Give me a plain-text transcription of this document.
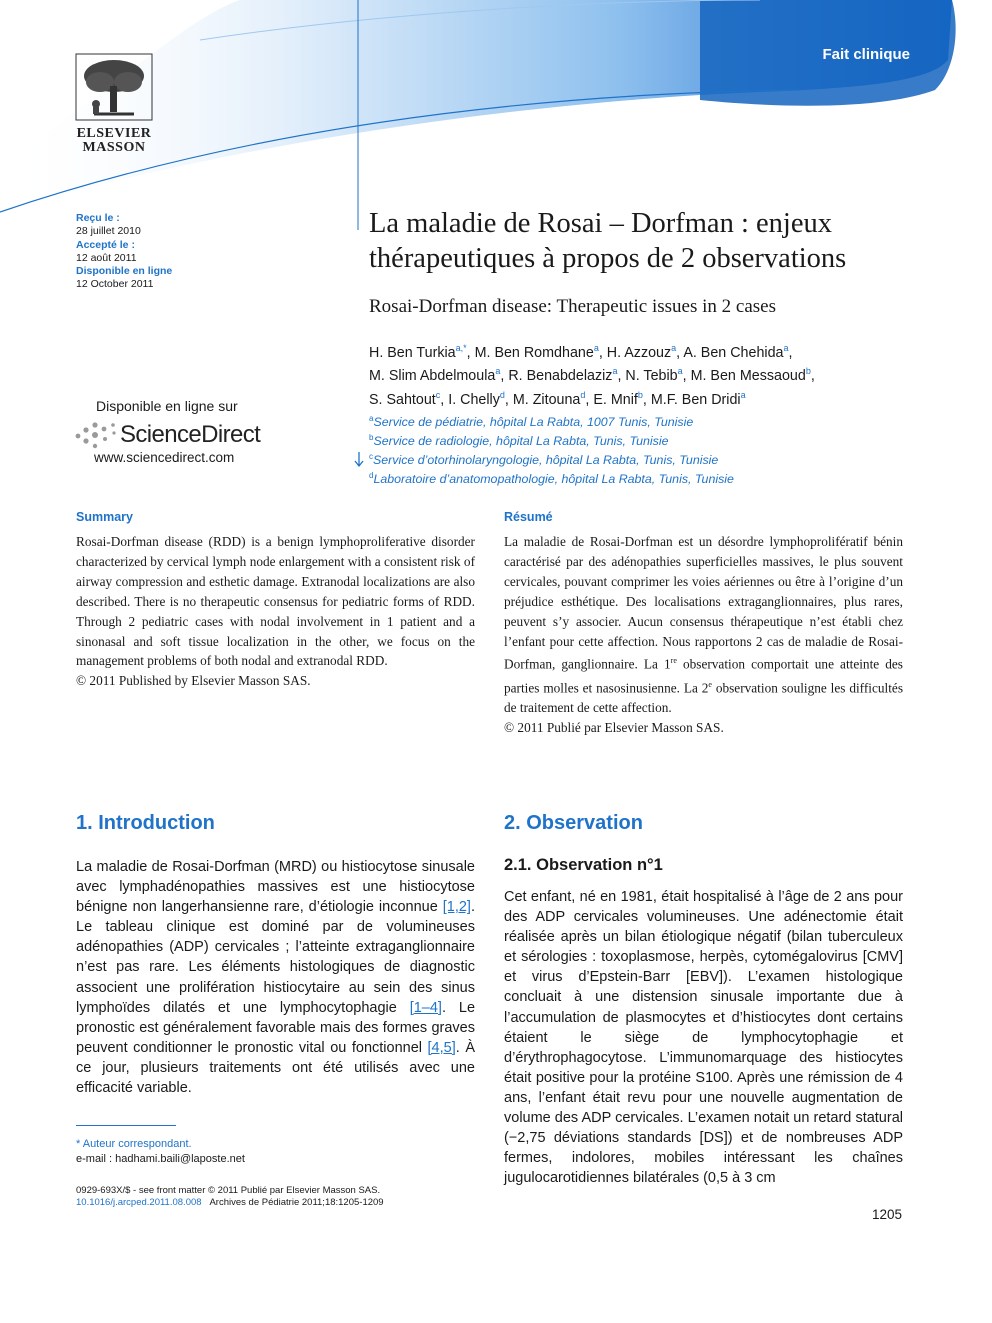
Fait clinique
ELSEVIER
MASSON
Reçu le :
28 juillet 2010
Accepté le :
12 août 2011
Disponible en ligne
12 October 2011
La maladie de Rosai – Dorfman : enjeux
thérapeutiques à propos de 2 observations
Rosai-Dorfman disease: Therapeutic issues in 2 cases
H. Ben Turkia$^{a,*}$, M. Ben Romdhane$^a$, H. Azzouz$^a$, A. Ben Chehida$^a$,
M. Slim Abdelmoula$^a$, R. Benabdelaziz$^a$, N. Tebib$^a$, M. Ben Messaoud$^b$,
S. Sahtout$^c$, I. Chelly$^d$, M. Zitouna$^d$, E. Mnif$^b$, M.F. Ben Dridi$^a$
$^a$Service de pédiatrie, hôpital La Rabta, 1007 Tunis, Tunisie
$^b$Service de radiologie, hôpital La Rabta, Tunis, Tunisie
$^c$Service d’otorhinolaryngologie, hôpital La Rabta, Tunis, Tunisie
$^d$Laboratoire d’anatomopathologie, hôpital La Rabta, Tunis, Tunisie
Disponible en ligne sur
ScienceDirect
www.sciencedirect.com
Summary
Rosai-Dorfman disease (RDD) is a benign lymphoproliferative disorder characterized by cervical lymph node enlargement with a consistent risk of airway compression and esthetic damage. Extranodal localizations are also described. There is no therapeutic consensus for pediatric forms of RDD. Through 2 pediatric cases with nodal involvement in 1 patient and a sinonasal and soft tissue localization in the other, we focus on the management problems of both nodal and extranodal RDD.
© 2011 Published by Elsevier Masson SAS.
Résumé
La maladie de Rosai-Dorfman est un désordre lymphoprolifératif bénin caractérisé par des adénopathies superficielles massives, le plus souvent cervicales, pouvant comprimer les voies aériennes ou être à l’origine d’un préjudice esthétique. Des localisations extraganglionnaires, plus rares, peuvent s’y associer. Aucun consensus thérapeutique n’est établi chez l’enfant pour cette affection. Nous rapportons 2 cas de maladie de Rosai-Dorfman, ganglionnaire. La 1re observation comportait une atteinte des parties molles et nasosinusienne. La 2e observation souligne les difficultés de traitement de cette affection.
© 2011 Publié par Elsevier Masson SAS.
1. Introduction
La maladie de Rosai-Dorfman (MRD) ou histiocytose sinusale avec lymphadénopathies massives est une histiocytose bénigne non langerhansienne rare, d’étiologie inconnue [1,2]. Le tableau clinique est dominé par de volumineuses adénopathies (ADP) cervicales ; l’atteinte extraganglionnaire n’est pas rare. Les éléments histologiques de diagnostic associent une prolifération histiocytaire au sein des sinus lymphoïdes dilatés et une lymphocytophagie [1–4]. Le pronostic est généralement favorable mais des formes graves peuvent conditionner le pronostic vital ou fonctionnel [4,5]. À ce jour, plusieurs traitements ont été utilisés avec une efficacité variable.
2. Observation
2.1. Observation n°1
Cet enfant, né en 1981, était hospitalisé à l’âge de 2 ans pour des ADP cervicales volumineuses. Une adénectomie était réalisée après un bilan étiologique négatif (bilan tuberculeux et sérologies : toxoplasmose, herpès, cytomégalovirus [CMV] et virus d’Epstein-Barr [EBV]). L’examen histologique concluait à une distension sinusale importante due à l’accumulation de plasmocytes et d’histiocytes dont certains étaient le siège de lymphocytophagie et d’érythrophagocytose. L’immunomarquage des histiocytes était positive pour la protéine S100. Après une rémission de 4 ans, l’enfant était revu pour une nouvelle augmentation de volume des ADP cervicales. L’examen notait un retard statural (−2,75 déviations standards [DS]) et de nombreuses ADP fermes, indolores, mobiles intéressant les chaînes jugulocarotidiennes bilatérales (0,5 à 3 cm
* Auteur correspondant.
e-mail : hadhami.baili@laposte.net
0929-693X/$ - see front matter © 2011 Publié par Elsevier Masson SAS.
10.1016/j.arcped.2011.08.008 Archives de Pédiatrie 2011;18:1205-1209
1205
